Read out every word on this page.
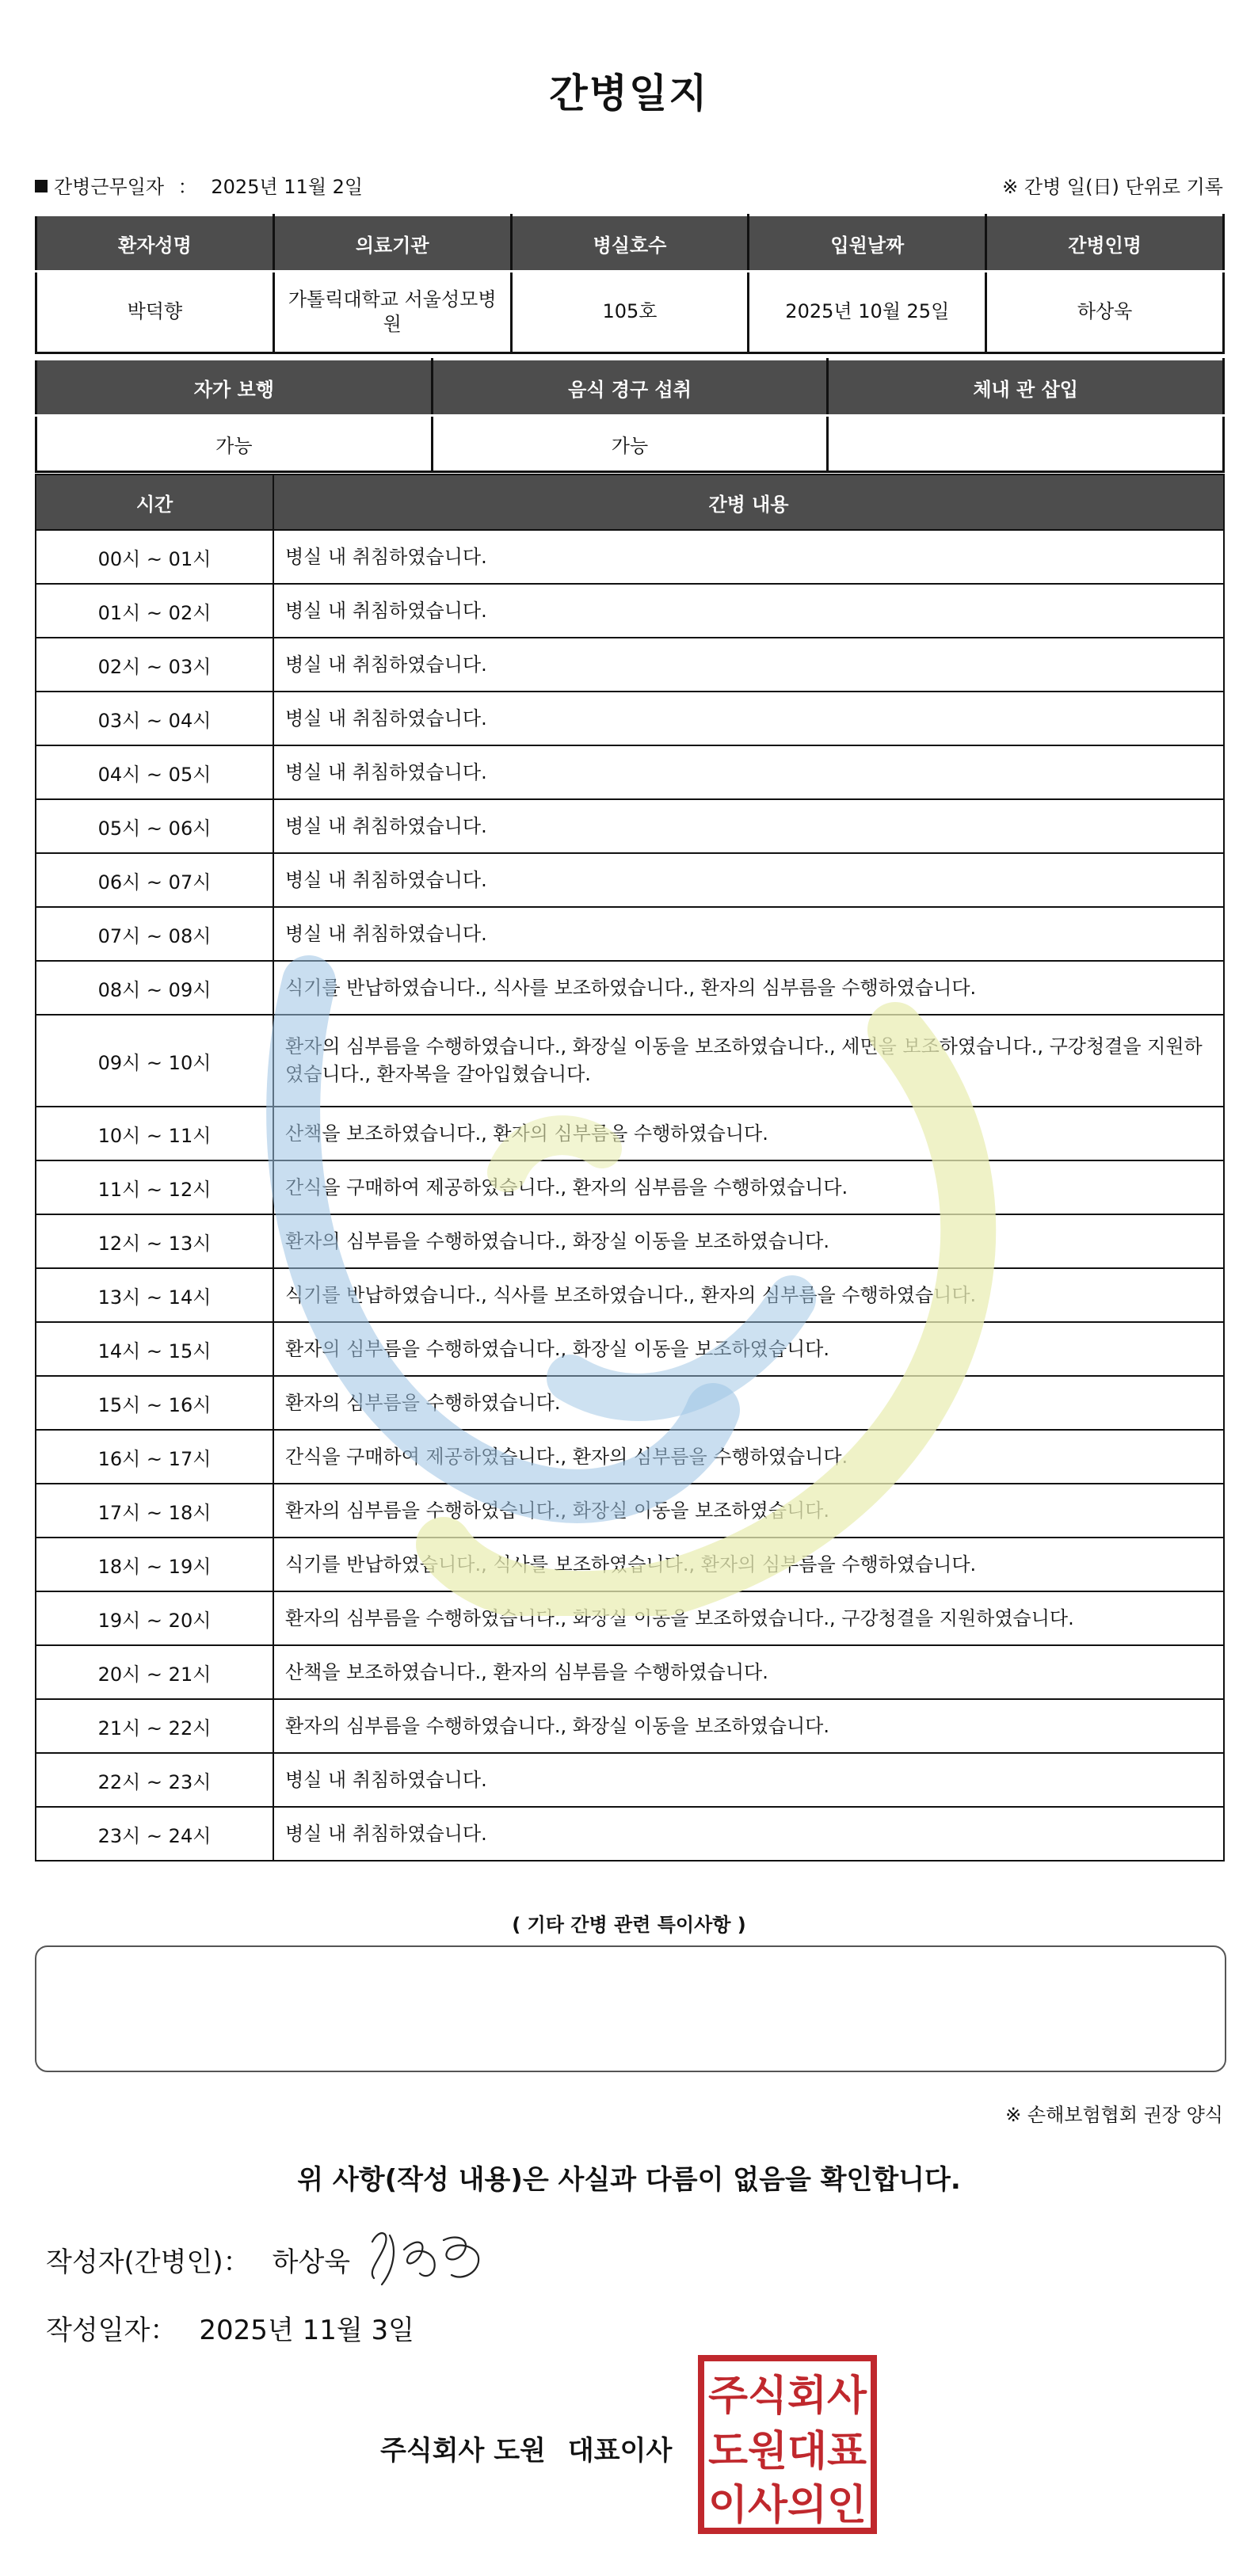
간병일지
간병근무일자 ： 2025년 11월 2일	※ 간병 일(日) 단위로 기록
환자성명	의료기관	병실호수	입원날짜	간병인명
박덕향	가톨릭대학교 서울성모병원	105호	2025년 10월 25일	하상욱
자가 보행	음식 경구 섭취	체내 관 삽입
가능	가능	
시간	간병 내용
00시 ~ 01시	병실 내 취침하였습니다.
01시 ~ 02시	병실 내 취침하였습니다.
02시 ~ 03시	병실 내 취침하였습니다.
03시 ~ 04시	병실 내 취침하였습니다.
04시 ~ 05시	병실 내 취침하였습니다.
05시 ~ 06시	병실 내 취침하였습니다.
06시 ~ 07시	병실 내 취침하였습니다.
07시 ~ 08시	병실 내 취침하였습니다.
08시 ~ 09시	식기를 반납하였습니다., 식사를 보조하였습니다., 환자의 심부름을 수행하였습니다.
09시 ~ 10시	환자의 심부름을 수행하였습니다., 화장실 이동을 보조하였습니다., 세면을 보조하였습니다., 구강청결을 지원하였습니다., 환자복을 갈아입혔습니다.
10시 ~ 11시	산책을 보조하였습니다., 환자의 심부름을 수행하였습니다.
11시 ~ 12시	간식을 구매하여 제공하였습니다., 환자의 심부름을 수행하였습니다.
12시 ~ 13시	환자의 심부름을 수행하였습니다., 화장실 이동을 보조하였습니다.
13시 ~ 14시	식기를 반납하였습니다., 식사를 보조하였습니다., 환자의 심부름을 수행하였습니다.
14시 ~ 15시	환자의 심부름을 수행하였습니다., 화장실 이동을 보조하였습니다.
15시 ~ 16시	환자의 심부름을 수행하였습니다.
16시 ~ 17시	간식을 구매하여 제공하였습니다., 환자의 심부름을 수행하였습니다.
17시 ~ 18시	환자의 심부름을 수행하였습니다., 화장실 이동을 보조하였습니다.
18시 ~ 19시	식기를 반납하였습니다., 식사를 보조하였습니다., 환자의 심부름을 수행하였습니다.
19시 ~ 20시	환자의 심부름을 수행하였습니다., 화장실 이동을 보조하였습니다., 구강청결을 지원하였습니다.
20시 ~ 21시	산책을 보조하였습니다., 환자의 심부름을 수행하였습니다.
21시 ~ 22시	환자의 심부름을 수행하였습니다., 화장실 이동을 보조하였습니다.
22시 ~ 23시	병실 내 취침하였습니다.
23시 ~ 24시	병실 내 취침하였습니다.
( 기타 간병 관련 특이사항 )
※ 손해보험협회 권장 양식
위 사항(작성 내용)은 사실과 다름이 없음을 확인합니다.
작성자(간병인)： 하상욱
작성일자： 2025년 11월 3일
주식회사 도원 대표이사
주식회사
도원대표
이사의인
